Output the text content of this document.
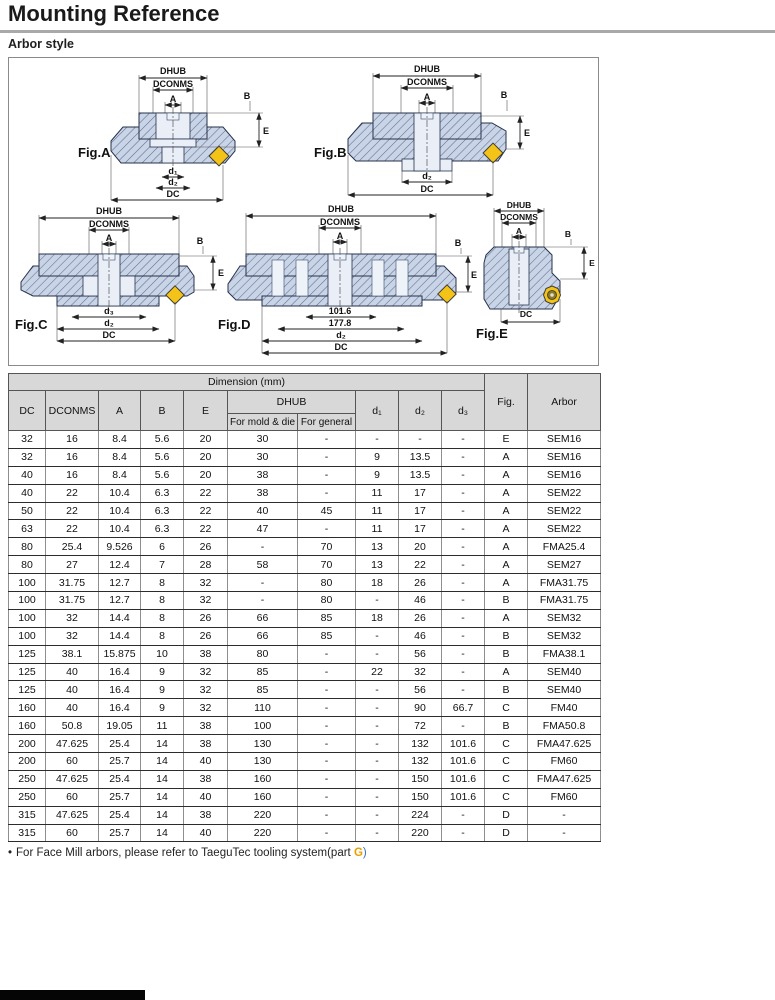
Mounting Reference
Arbor style
DHUB
DCONMS
A	B
E
d₁
d₂
DC
Fig.A
DHUB
DCONMS
A	B
E
d₂
DC
Fig.B
DHUB
DCONMS
A	B
E
d₃
d₂
DC
Fig.C
DHUB
DCONMS
A
B
E
101.6
177.8
d₂
DC
Fig.D
DHUB
DCONMS
A	B
E
DC
Fig.E
Dimension (mm)										Fig.	Arbor
DC	DCONMS	A	B	E	DHUB		d₁	d₂	d₃		
					For mold & die	For general					
32	16	8.4	5.6	20	30	-	-	-	-	E	SEM16
32	16	8.4	5.6	20	30	-	9	13.5	-	A	SEM16
40	16	8.4	5.6	20	38	-	9	13.5	-	A	SEM16
40	22	10.4	6.3	22	38	-	11	17	-	A	SEM22
50	22	10.4	6.3	22	40	45	11	17	-	A	SEM22
63	22	10.4	6.3	22	47	-	11	17	-	A	SEM22
80	25.4	9.526	6	26	-	70	13	20	-	A	FMA25.4
80	27	12.4	7	28	58	70	13	22	-	A	SEM27
100	31.75	12.7	8	32	-	80	18	26	-	A	FMA31.75
100	31.75	12.7	8	32	-	80	-	46	-	B	FMA31.75
100	32	14.4	8	26	66	85	18	26	-	A	SEM32
100	32	14.4	8	26	66	85	-	46	-	B	SEM32
125	38.1	15.875	10	38	80	-	-	56	-	B	FMA38.1
125	40	16.4	9	32	85	-	22	32	-	A	SEM40
125	40	16.4	9	32	85	-	-	56	-	B	SEM40
160	40	16.4	9	32	110	-	-	90	66.7	C	FM40
160	50.8	19.05	11	38	100	-	-	72	-	B	FMA50.8
200	47.625	25.4	14	38	130	-	-	132	101.6	C	FMA47.625
200	60	25.7	14	40	130	-	-	132	101.6	C	FM60
250	47.625	25.4	14	38	160	-	-	150	101.6	C	FMA47.625
250	60	25.7	14	40	160	-	-	150	101.6	C	FM60
315	47.625	25.4	14	38	220	-	-	224	-	D	-
315	60	25.7	14	40	220	-	-	220	-	D	-

• For Face Mill arbors, please refer to TaeguTec tooling system(part G)
